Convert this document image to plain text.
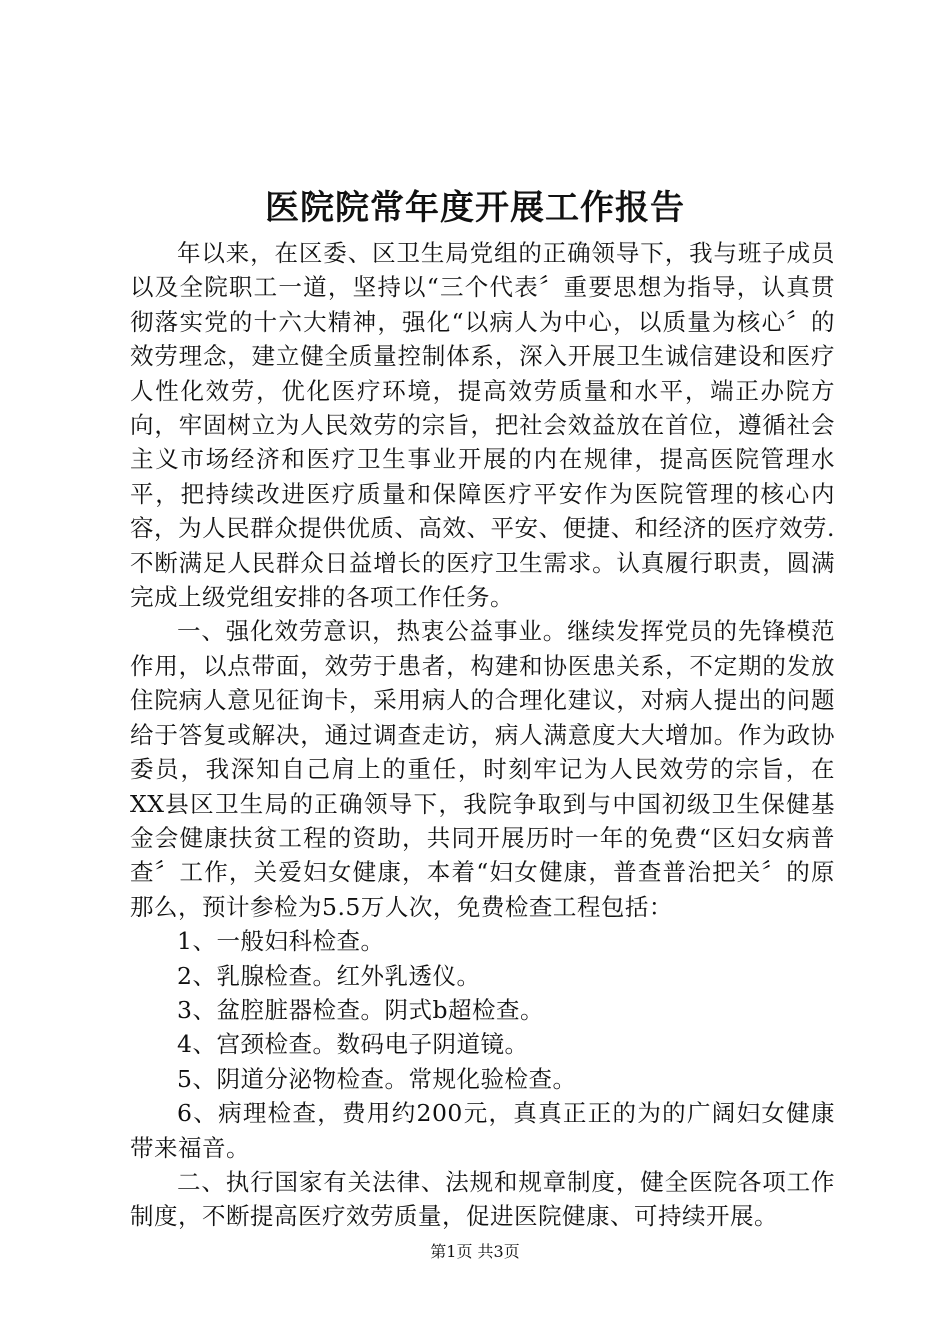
医院院常年度开展工作报告

年以来，在区委、区卫生局党组的正确领导下，我与班子成员以及全院职工一道，坚持以“三个代表〞重要思想为指导，认真贯彻落实党的十六大精神，强化“以病人为中心，以质量为核心〞的效劳理念，建立健全质量控制体系，深入开展卫生诚信建设和医疗人性化效劳，优化医疗环境，提高效劳质量和水平，端正办院方向，牢固树立为人民效劳的宗旨，把社会效益放在首位，遵循社会主义市场经济和医疗卫生事业开展的内在规律，提高医院管理水平，把持续改进医疗质量和保障医疗平安作为医院管理的核心内容，为人民群众提供优质、高效、平安、便捷、和经济的医疗效劳.不断满足人民群众日益增长的医疗卫生需求。认真履行职责，圆满完成上级党组安排的各项工作任务。

一、强化效劳意识，热衷公益事业。继续发挥党员的先锋模范作用，以点带面，效劳于患者，构建和协医患关系，不定期的发放住院病人意见征询卡，采用病人的合理化建议，对病人提出的问题给于答复或解决，通过调查走访，病人满意度大大增加。作为政协委员，我深知自己肩上的重任，时刻牢记为人民效劳的宗旨，在XX县区卫生局的正确领导下，我院争取到与中国初级卫生保健基金会健康扶贫工程的资助，共同开展历时一年的免费“区妇女病普查〞工作，关爱妇女健康，本着“妇女健康，普查普治把关〞的原那么，预计参检为5.5万人次，免费检查工程包括：

1、一般妇科检查。

2、乳腺检查。红外乳透仪。

3、盆腔脏器检查。阴式b超检查。

4、宫颈检查。数码电子阴道镜。

5、阴道分泌物检查。常规化验检查。

6、病理检查，费用约200元，真真正正的为的广阔妇女健康带来福音。

二、执行国家有关法律、法规和规章制度，健全医院各项工作制度，不断提高医疗效劳质量，促进医院健康、可持续开展。

第1页 共3页
